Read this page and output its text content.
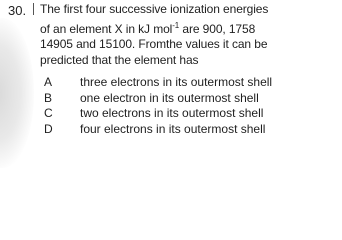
30. The first four successive ionization energies
of an element X in kJ mol$^{-1}$ are 900, 1758
14905 and 15100. Fromthe values it can be
predicted that the element has
A three electrons in its outermost shell
B one electron in its outermost shell
C two electrons in its outermost shell
D four electrons in its outermost shell
